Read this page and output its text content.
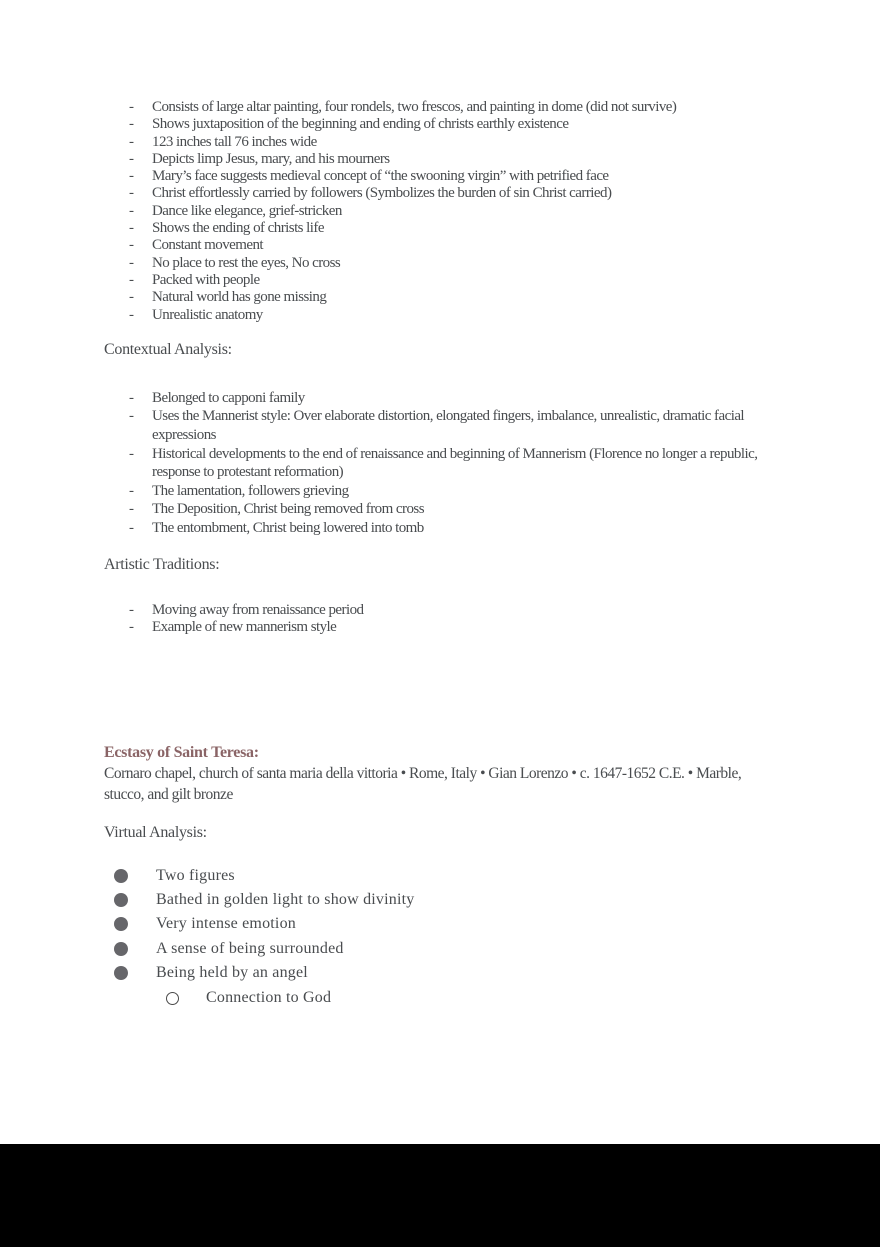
-	Consists of large altar painting, four rondels, two frescos, and painting in dome (did not survive)
-	Shows juxtaposition of the beginning and ending of christs earthly existence
-	123 inches tall 76 inches wide
-	Depicts limp Jesus, mary, and his mourners
-	Mary’s face suggests medieval concept of “the swooning virgin” with petrified face
-	Christ effortlessly carried by followers (Symbolizes the burden of sin Christ carried)
-	Dance like elegance, grief-stricken
-	Shows the ending of christs life
-	Constant movement
-	No place to rest the eyes, No cross
-	Packed with people
-	Natural world has gone missing
-	Unrealistic anatomy

Contextual Analysis:

-	Belonged to capponi family
-	Uses the Mannerist style: Over elaborate distortion, elongated fingers, imbalance, unrealistic, dramatic facial expressions
-	Historical developments to the end of renaissance and beginning of Mannerism (Florence no longer a republic, response to protestant reformation)
-	The lamentation, followers grieving
-	The Deposition, Christ being removed from cross
-	The entombment, Christ being lowered into tomb

Artistic Traditions:

-	Moving away from renaissance period
-	Example of new mannerism style

Ecstasy of Saint Teresa:

Cornaro chapel, church of santa maria della vittoria • Rome, Italy • Gian Lorenzo • c. 1647-1652 C.E. • Marble, stucco, and gilt bronze

Virtual Analysis:

Two figures
Bathed in golden light to show divinity
Very intense emotion
A sense of being surrounded
Being held by an angel
Connection to God
